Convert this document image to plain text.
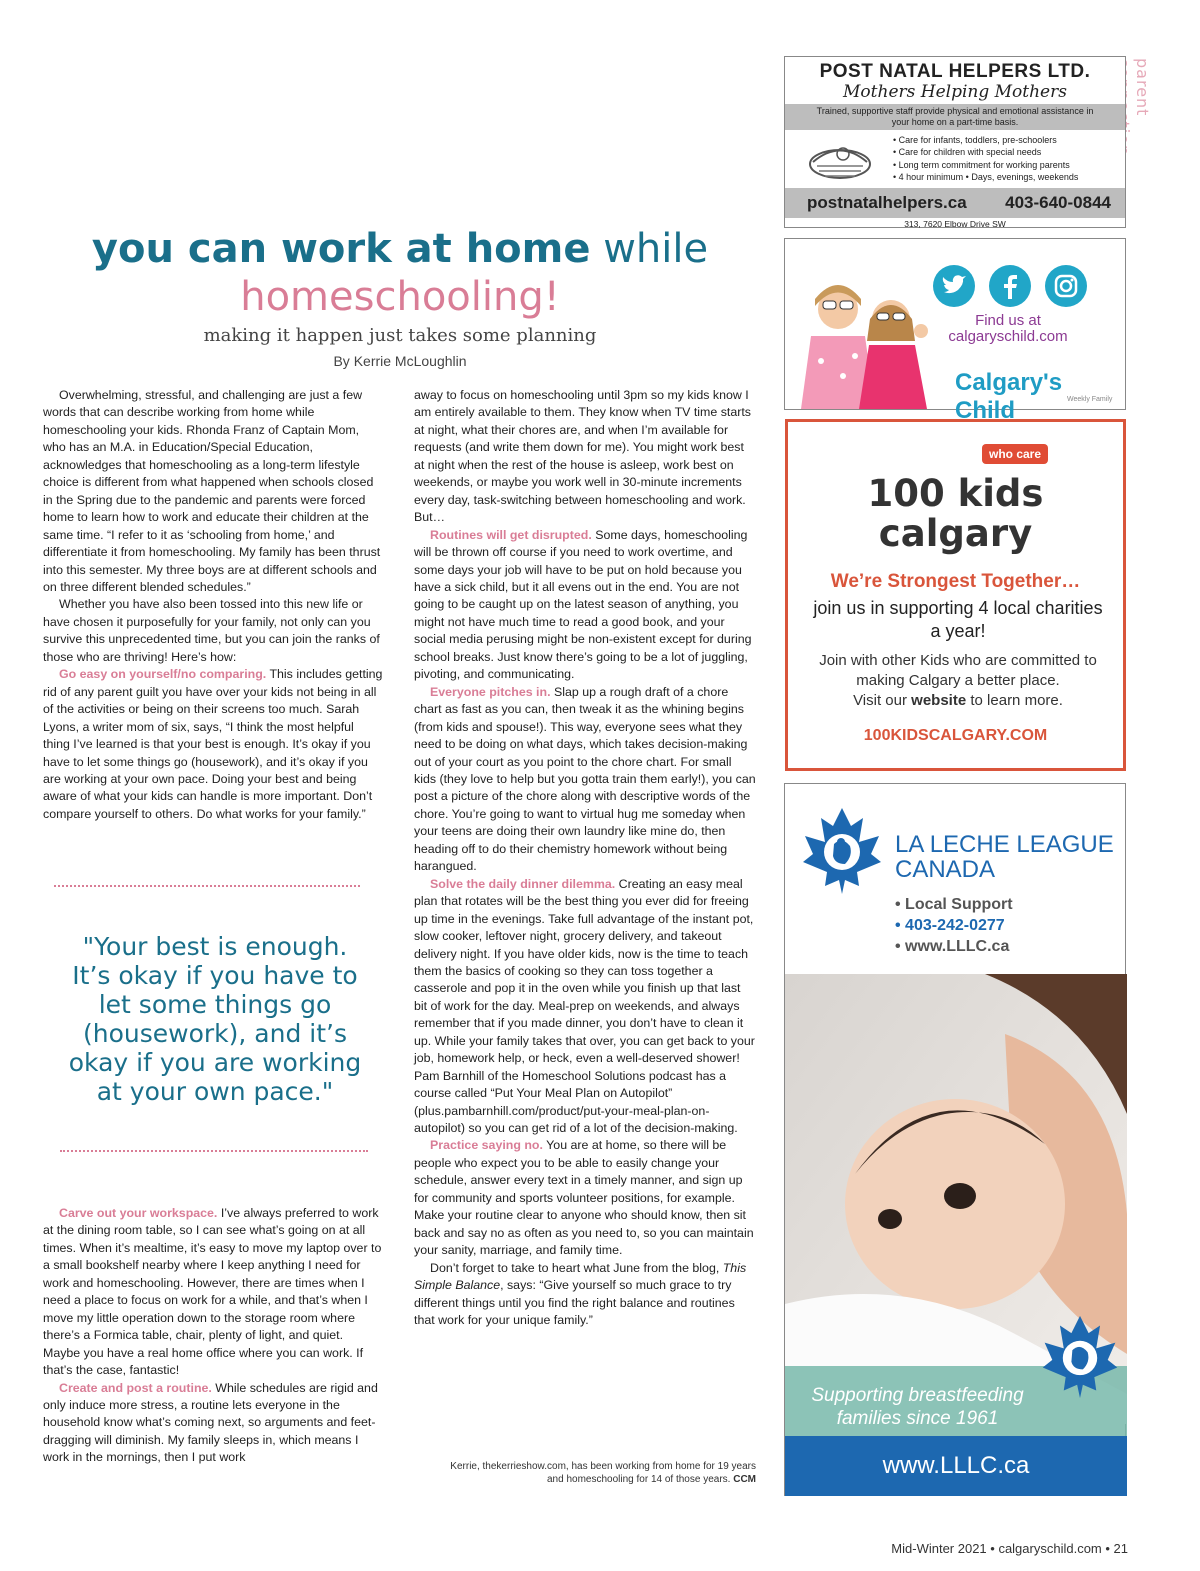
parent
you can work at home while
homeschooling!
making it happen just takes some planning
By Kerrie McLoughlin

Overwhelming, stressful, and challenging are just a few words that can describe working from home while homeschooling your kids. Rhonda Franz of Captain Mom, who has an M.A. in Education/Special Education, acknowledges that homeschooling as a long-term lifestyle choice is different from what happened when schools closed in the Spring due to the pandemic and parents were forced home to learn how to work and educate their children at the same time. “I refer to it as ‘schooling from home,’ and differentiate it from homeschooling. My family has been thrust into this semester. My three boys are at different schools and on three different blended schedules.”

Whether you have also been tossed into this new life or have chosen it purposefully for your family, not only can you survive this unprecedented time, but you can join the ranks of those who are thriving! Here’s how:

Go easy on yourself/no comparing. This includes getting rid of any parent guilt you have over your kids not being in all of the activities or being on their screens too much. Sarah Lyons, a writer mom of six, says, “I think the most helpful thing I’ve learned is that your best is enough. It’s okay if you have to let some things go (housework), and it’s okay if you are working at your own pace. Doing your best and being aware of what your kids can handle is more important. Don’t compare yourself to others. Do what works for your family.”

"Your best is enough. It’s okay if you have to let some things go (housework), and it’s okay if you are working at your own pace."

Carve out your workspace. I’ve always preferred to work at the dining room table, so I can see what’s going on at all times. When it’s mealtime, it’s easy to move my laptop over to a small bookshelf nearby where I keep anything I need for work and homeschooling. However, there are times when I need a place to focus on work for a while, and that’s when I move my little operation down to the storage room where there’s a Formica table, chair, plenty of light, and quiet. Maybe you have a real home office where you can work. If that’s the case, fantastic!

Create and post a routine. While schedules are rigid and only induce more stress, a routine lets everyone in the household know what’s coming next, so arguments and feet-dragging will diminish. My family sleeps in, which means I work in the mornings, then I put work

away to focus on homeschooling until 3pm so my kids know I am entirely available to them. They know when TV time starts at night, what their chores are, and when I’m available for requests (and write them down for me). You might work best at night when the rest of the house is asleep, work best on weekends, or maybe you work well in 30-minute increments every day, task-switching between homeschooling and work. But…

Routines will get disrupted. Some days, homeschooling will be thrown off course if you need to work overtime, and some days your job will have to be put on hold because you have a sick child, but it all evens out in the end. You are not going to be caught up on the latest season of anything, you might not have much time to read a good book, and your social media perusing might be non-existent except for during school breaks. Just know there’s going to be a lot of juggling, pivoting, and communicating.

Everyone pitches in. Slap up a rough draft of a chore chart as fast as you can, then tweak it as the whining begins (from kids and spouse!). This way, everyone sees what they need to be doing on what days, which takes decision-making out of your court as you point to the chore chart. For small kids (they love to help but you gotta train them early!), you can post a picture of the chore along with descriptive words of the chore. You’re going to want to virtual hug me someday when your teens are doing their own laundry like mine do, then heading off to do their chemistry homework without being harangued.

Solve the daily dinner dilemma. Creating an easy meal plan that rotates will be the best thing you ever did for freeing up time in the evenings. Take full advantage of the instant pot, slow cooker, leftover night, grocery delivery, and takeout delivery night. If you have older kids, now is the time to teach them the basics of cooking so they can toss together a casserole and pop it in the oven while you finish up that last bit of work for the day. Meal-prep on weekends, and always remember that if you made dinner, you don’t have to clean it up. While your family takes that over, you can get back to your job, homework help, or heck, even a well-deserved shower! Pam Barnhill of the Homeschool Solutions podcast has a course called “Put Your Meal Plan on Autopilot” (plus.pambarnhill.com/product/put-your-meal-plan-on-autopilot) so you can get rid of a lot of the decision-making.

Practice saying no. You are at home, so there will be people who expect you to be able to easily change your schedule, answer every text in a timely manner, and sign up for community and sports volunteer positions, for example. Make your routine clear to anyone who should know, then sit back and say no as often as you need to, so you can maintain your sanity, marriage, and family time.

Don’t forget to take to heart what June from the blog, This Simple Balance, says: “Give yourself so much grace to try different things until you find the right balance and routines that work for your unique family.”

Kerrie, thekerrieshow.com, has been working from home for 19 years and homeschooling for 14 of those years. CCM
Mid-Winter 2021 • calgaryschild.com • 21
POST NATAL HELPERS LTD.
Mothers Helping Mothers
Trained, supportive staff provide physical and emotional assistance in your home on a part-time basis.
• Care for infants, toddlers, pre-schoolers
• Care for children with special needs
• Long term commitment for working parents
• 4 hour minimum • Days, evenings, weekends
postnatalhelpers.ca 403-640-0844
313, 7620 Elbow Drive SW
Find us at
calgaryschild.com
Calgary's Child	Weekly Family
who care
100 kids
calgary
We’re Strongest Together…
join us in supporting 4 local charities a year!
Join with other Kids who are committed to making Calgary a better place.
Visit our website to learn more.
100KIDSCALGARY.COM
LA LECHE LEAGUE
CANADA
• Local Support
• 403-242-0277
• www.LLLC.ca
Supporting breastfeeding families since 1961
www.LLLC.ca
